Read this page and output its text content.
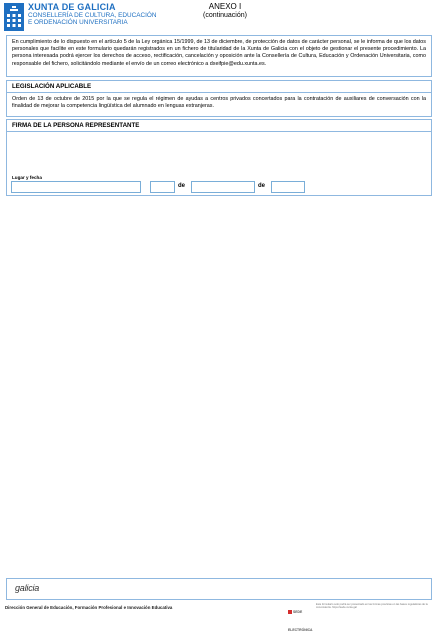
XUNTA DE GALICIA
CONSELLERÍA DE CULTURA, EDUCACIÓN
E ORDENACIÓN UNIVERSITARIA
ANEXO I
(continuación)
En cumplimiento de lo dispuesto en el artículo 5 de la Ley orgánica 15/1999, de 13 de diciembre, de protección de datos de carácter personal, se le informa de que los datos personales que facilite en este formulario quedarán registrados en un fichero de titularidad de la Xunta de Galicia con el objeto de gestionar el presente procedimiento. La persona interesada podrá ejercer los derechos de acceso, rectificación, cancelación y oposición ante la Consellería de Cultura, Educación y Ordenación Universitaria, como responsable del fichero, solicitándolo mediante el envío de un correo electrónico a dxeifpie@edu.xunta.es.
LEGISLACIÓN APLICABLE
Orden de 13 de octubre de 2015 por la que se regula el régimen de ayudas a centros privados concertados para la contratación de auxiliares de conversación con la finalidad de mejorar la competencia lingüística del alumnado en lenguas extranjeras.
FIRMA DE LA PERSONA REPRESENTANTE
Lugar y fecha
de	de
galicia
Dirección General de Educación, Formación Profesional e Innovación Educativa
SEDE ELECTRÓNICA
Este formulario solo podrá ser presentado en las formas previstas en las bases reguladoras de la convocatoria. https://sede.xunta.gal
